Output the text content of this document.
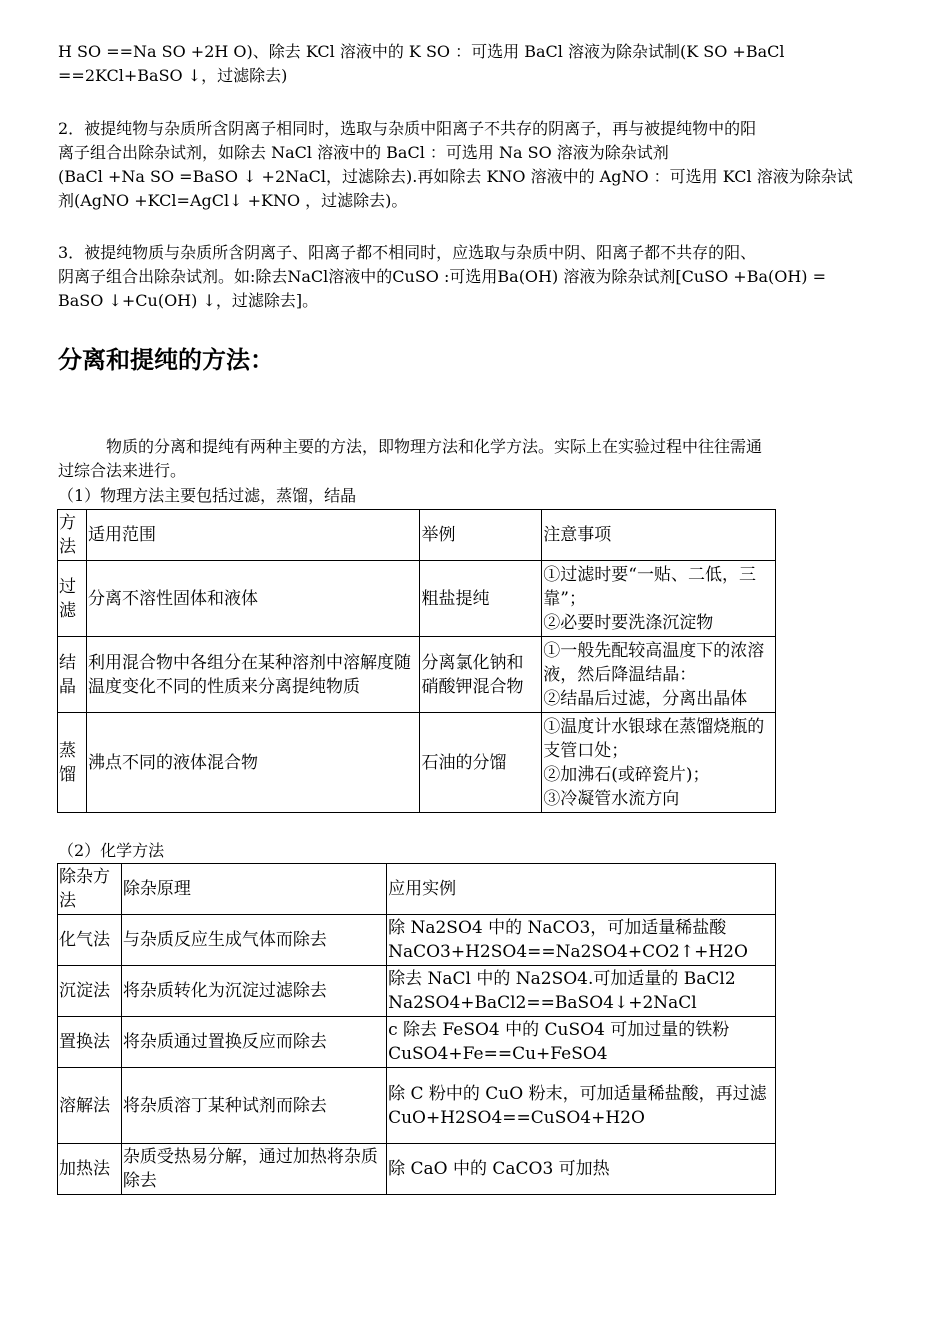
H SO ==Na SO +2H O)、除去 KCl 溶液中的 K SO ：可选用 BaCl 溶液为除杂试制(K SO +BaCl

==2KCl+BaSO ↓，过滤除去)

2．被提纯物与杂质所含阴离子相同时，选取与杂质中阳离子不共存的阴离子，再与被提纯物中的阳

离子组合出除杂试剂，如除去 NaCl 溶液中的 BaCl ：可选用 Na SO 溶液为除杂试剂

(BaCl +Na SO =BaSO ↓ +2NaCl，过滤除去).再如除去 KNO 溶液中的 AgNO ：可选用 KCl 溶液为除杂试

剂(AgNO +KCl=AgCl↓ +KNO ，过滤除去)。

3．被提纯物质与杂质所含阴离子、阳离子都不相同时，应选取与杂质中阴、阳离子都不共存的阳、

阴离子组合出除杂试剂。如:除去NaCl溶液中的CuSO :可选用Ba(OH) 溶液为除杂试剂[CuSO +Ba(OH) =

BaSO ↓+Cu(OH) ↓，过滤除去]。

分离和提纯的方法：

物质的分离和提纯有两种主要的方法，即物理方法和化学方法。实际上在实验过程中往往需通

过综合法来进行。

（1）物理方法主要包括过滤，蒸馏，结晶
方法	适用范围	举例	注意事项
过滤	分离不溶性固体和液体	粗盐提纯	①过滤时要“一贴、二低，三靠”；
②必要时要洗涤沉淀物

结晶	利用混合物中各组分在某种溶剂中溶解度随温度变化不同的性质来分离提纯物质	分离氯化钠和硝酸钾混合物	①一般先配较高温度下的浓溶液，然后降温结晶：
②结晶后过滤，分离出晶体

蒸馏	沸点不同的液体混合物	石油的分馏	①温度计水银球在蒸馏烧瓶的支管口处；
②加沸石(或碎瓷片)；
③冷凝管水流方向
（2）化学方法
除杂方法	除杂原理	应用实例
化气法	与杂质反应生成气体而除去	除 Na2SO4 中的 NaCO3，可加适量稀盐酸
NaCO3+H2SO4==Na2SO4+CO2↑+H2O

沉淀法	将杂质转化为沉淀过滤除去	除去 NaCl 中的 Na2SO4.可加适量的 BaCl2
Na2SO4+BaCl2==BaSO4↓+2NaCl

置换法	将杂质通过置换反应而除去	c 除去 FeSO4 中的 CuSO4 可加过量的铁粉
CuSO4+Fe==Cu+FeSO4

溶解法	将杂质溶丁某种试剂而除去	除 C 粉中的 CuO 粉末，可加适量稀盐酸，再过滤
CuO+H2SO4==CuSO4+H2O

加热法	杂质受热易分解，通过加热将杂质除去	除 CaO 中的 CaCO3 可加热
